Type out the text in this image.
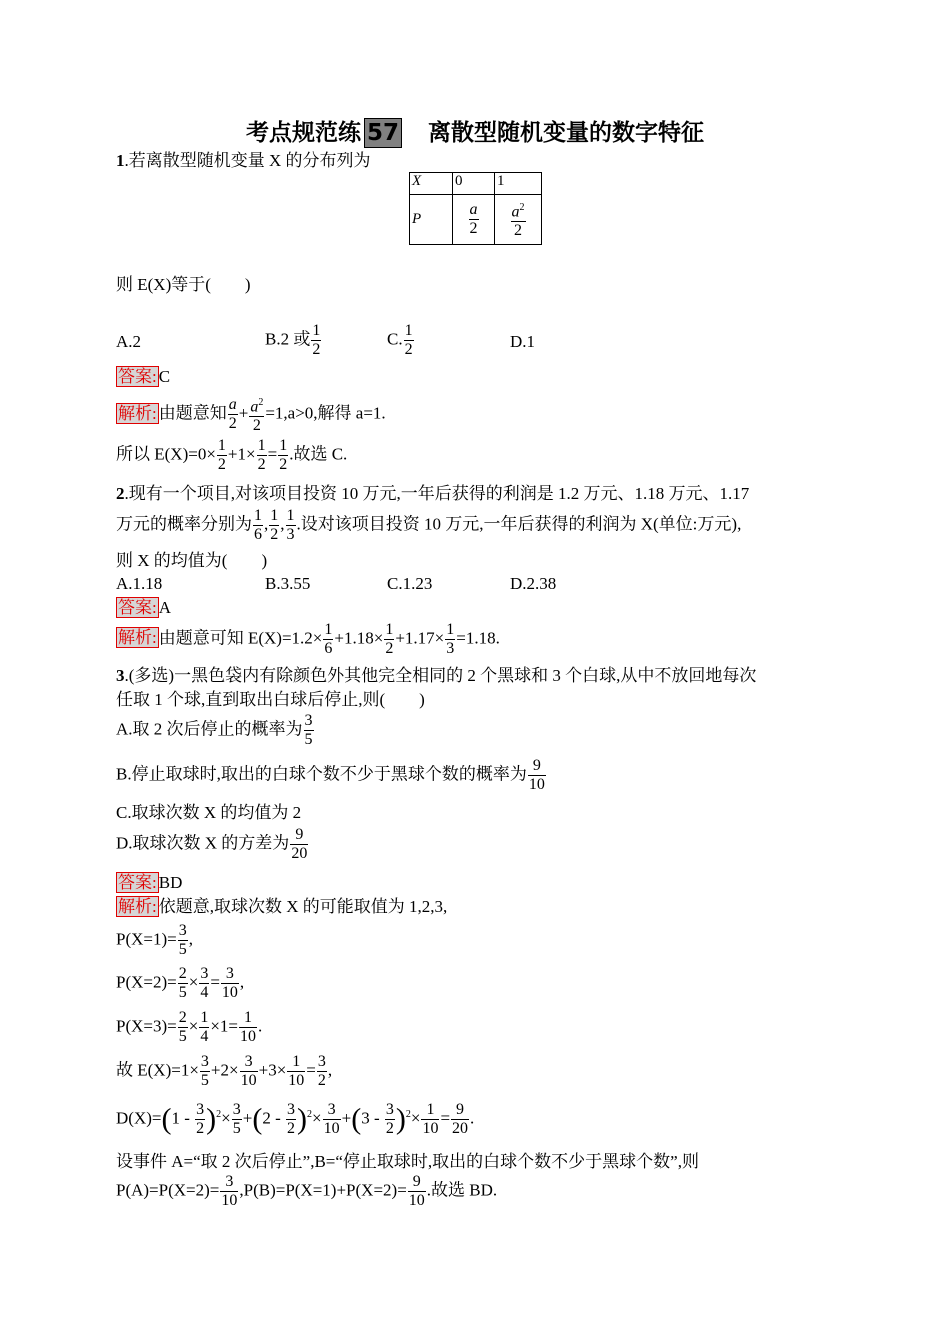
考点规范练 57　 离散型随机变量的数字特征
1.若离散型随机变量 X 的分布列为
X	0	1
P	$\frac{a}{2}$	$\frac{a^2}{2}$
则 E(X)等于(　　)
A.2	B.2 或 $\frac{1}{2}$	C. $\frac{1}{2}$	D.1
答案: C
解析: 由题意知 $\frac{a}{2} + \frac{a^2}{2} =1,a>0$,解得 a=1.
所以 $E(X)=0\times \frac{1}{2} +1\times \frac{1}{2} = \frac{1}{2}$ .故选 C.
2.现有一个项目,对该项目投资 10 万元,一年后获得的利润是 1.2 万元、1.18 万元、1.17
万元的概率分别为 $\frac{1}{6}$ , $\frac{1}{2}$ , $\frac{1}{3}$ .设对该项目投资 10 万元,一年后获得的利润为 X(单位:万元),
则 X 的均值为(　　)
A.1.18	B.3.55	C.1.23	D.2.38
答案: A
解析: 由题意可知 $E(X)=1.2\times \frac{1}{6} +1.18\times \frac{1}{2} +1.17\times \frac{1}{3} =1.18$.
3.(多选)一黑色袋内有除颜色外其他完全相同的 2 个黑球和 3 个白球,从中不放回地每次
任取 1 个球,直到取出白球后停止,则(　　)
A.取 2 次后停止的概率为 $\frac{3}{5}$
B.停止取球时,取出的白球个数不少于黑球个数的概率为 $\frac{9}{10}$
C.取球次数 X 的均值为 2
D.取球次数 X 的方差为 $\frac{9}{20}$
答案: BD
解析: 依题意,取球次数 X 的可能取值为 1,2,3,
$P(X=1)= \frac{3}{5}$ ,
$P(X=2)= \frac{2}{5} \times \frac{3}{4} = \frac{3}{10}$ ,
$P(X=3)= \frac{2}{5} \times \frac{1}{4} \times 1= \frac{1}{10}$ .
故 $E(X)=1\times \frac{3}{5} +2\times \frac{3}{10} +3\times \frac{1}{10} = \frac{3}{2}$ ,
$D(X)=(1 - \frac{3}{2} )^2\times \frac{3}{5} +(2 - \frac{3}{2} )^2\times \frac{3}{10} +(3 - \frac{3}{2} )^2\times \frac{1}{10} = \frac{9}{20}$ .
设事件 A=“取 2 次后停止”,B=“停止取球时,取出的白球个数不少于黑球个数”,则
$P(A)=P(X=2)= \frac{3}{10} ,P(B)=P(X=1)+P(X=2)= \frac{9}{10}$ .故选 BD.
